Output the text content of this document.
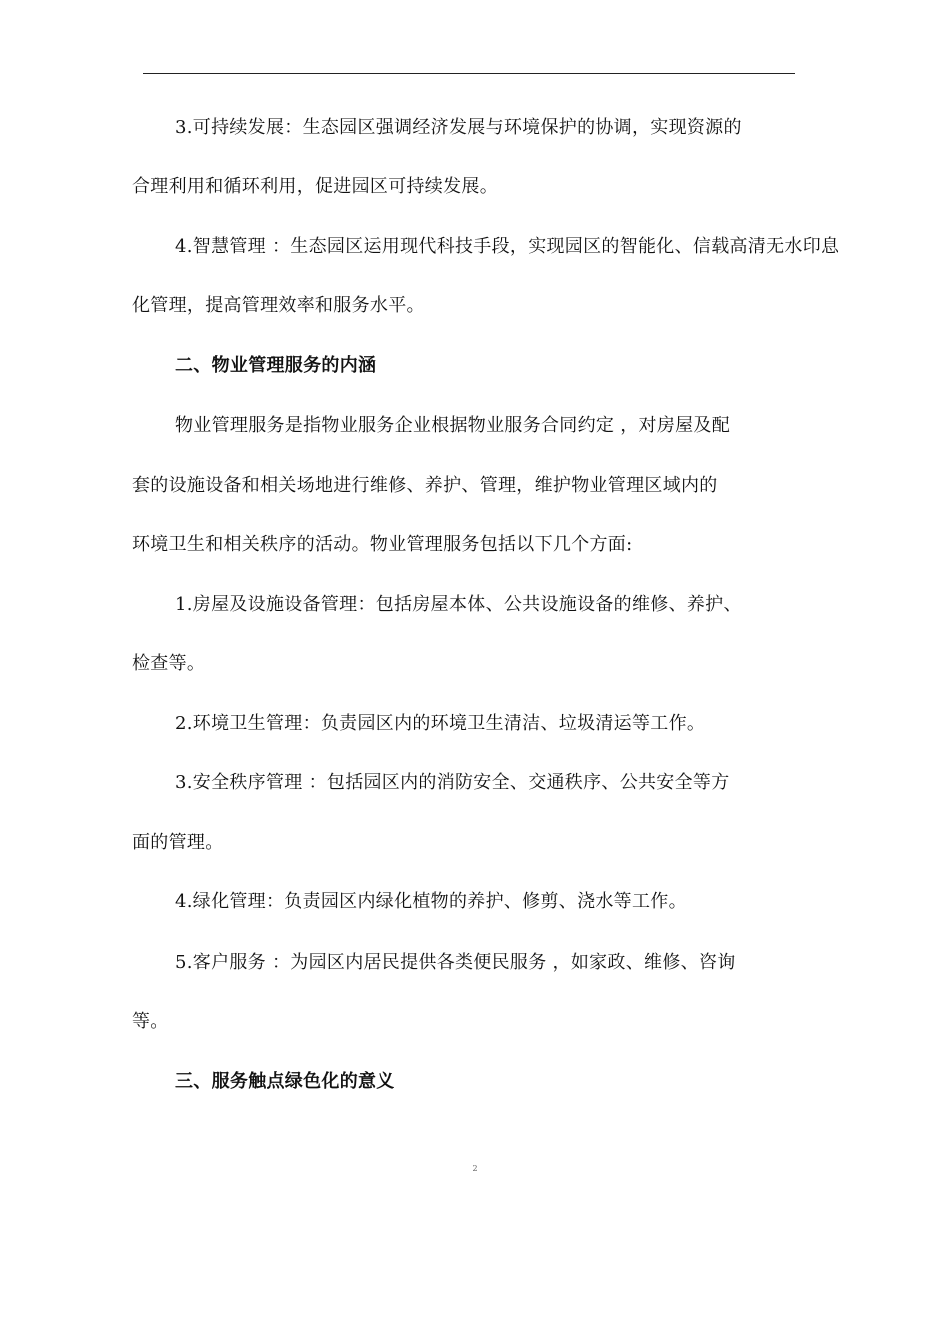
3.可持续发展：生态园区强调经济发展与环境保护的协调，实现资源的
合理利用和循环利用，促进园区可持续发展。
4.智慧管理 ：生态园区运用现代科技手段，实现园区的智能化、信载高清无水印息
化管理，提高管理效率和服务水平。
二、物业管理服务的内涵
物业管理服务是指物业服务企业根据物业服务合同约定 ，对房屋及配
套的设施设备和相关场地进行维修、养护、管理，维护物业管理区域内的
环境卫生和相关秩序的活动。物业管理服务包括以下几个方面:
1.房屋及设施设备管理：包括房屋本体、公共设施设备的维修、养护、
检查等。
2.环境卫生管理：负责园区内的环境卫生清洁、垃圾清运等工作。
3.安全秩序管理 ：包括园区内的消防安全、交通秩序、公共安全等方
面的管理。
4.绿化管理：负责园区内绿化植物的养护、修剪、浇水等工作。
5.客户服务 ：为园区内居民提供各类便民服务 ，如家政、维修、咨询
等。
三、服务触点绿色化的意义
2
